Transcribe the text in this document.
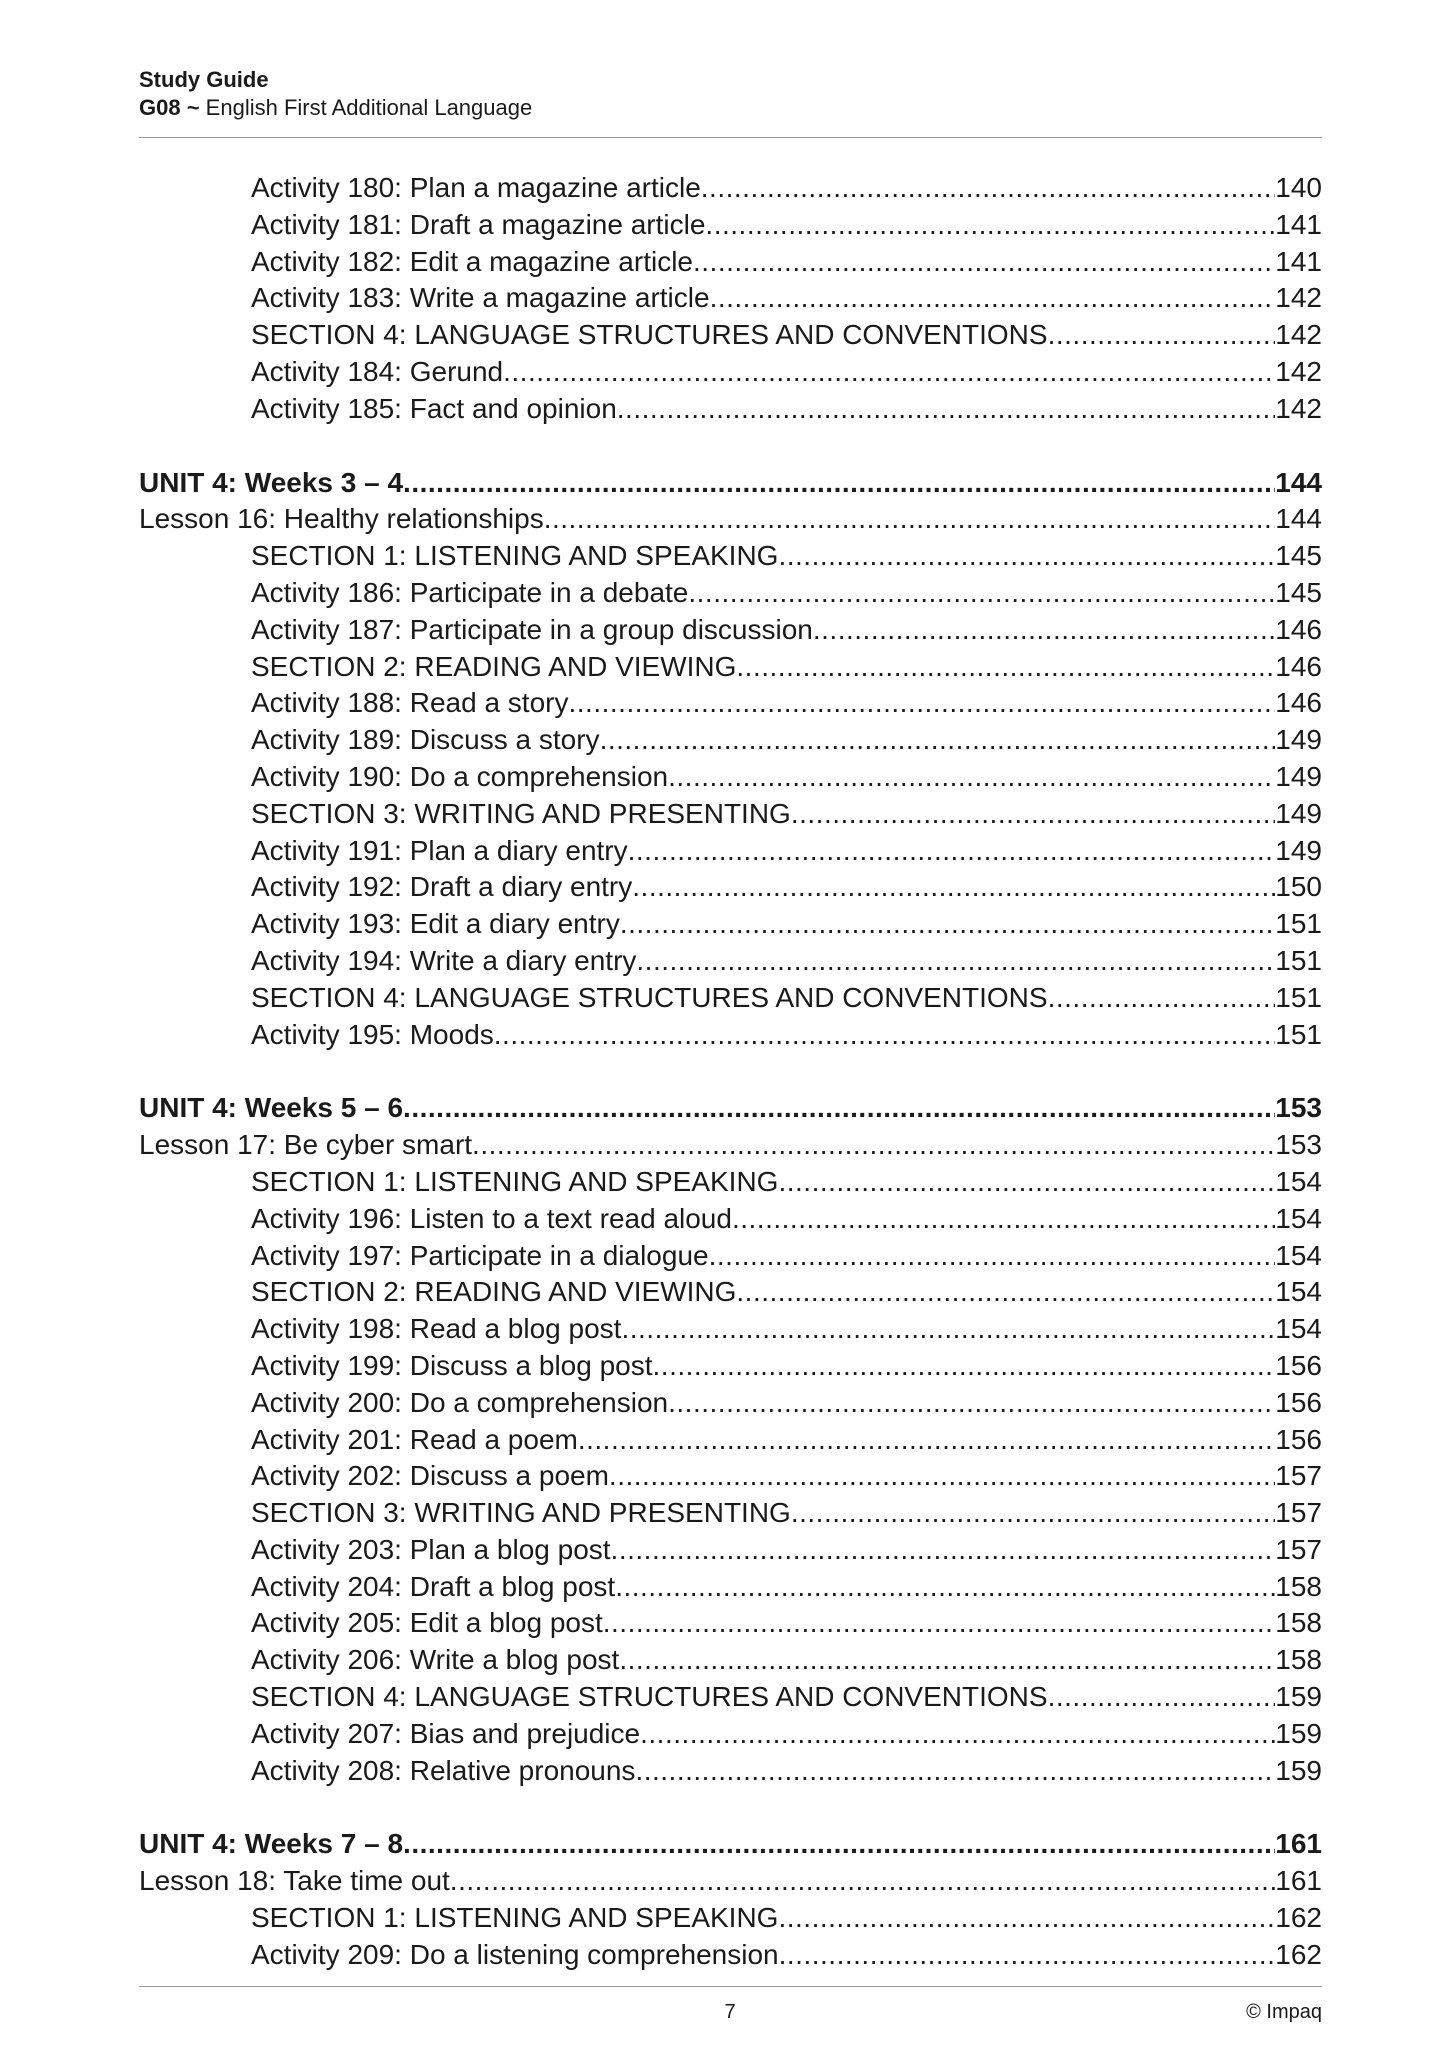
Study Guide
G08 ~ English First Additional Language
Activity 180: Plan a magazine article .....	140
Activity 181: Draft a magazine article .....	141
Activity 182: Edit a magazine article .....	141
Activity 183: Write a magazine article .....	142
SECTION 4: LANGUAGE STRUCTURES AND CONVENTIONS .....	142
Activity 184: Gerund .....	142
Activity 185: Fact and opinion .....	142
UNIT 4: Weeks 3 – 4 .....	144
Lesson 16: Healthy relationships .....	144
SECTION 1: LISTENING AND SPEAKING .....	145
Activity 186: Participate in a debate .....	145
Activity 187: Participate in a group discussion .....	146
SECTION 2: READING AND VIEWING .....	146
Activity 188: Read a story .....	146
Activity 189: Discuss a story .....	149
Activity 190: Do a comprehension .....	149
SECTION 3: WRITING AND PRESENTING .....	149
Activity 191: Plan a diary entry .....	149
Activity 192: Draft a diary entry .....	150
Activity 193: Edit a diary entry .....	151
Activity 194: Write a diary entry .....	151
SECTION 4: LANGUAGE STRUCTURES AND CONVENTIONS .....	151
Activity 195: Moods .....	151
UNIT 4: Weeks 5 – 6 .....	153
Lesson 17: Be cyber smart .....	153
SECTION 1: LISTENING AND SPEAKING .....	154
Activity 196: Listen to a text read aloud .....	154
Activity 197: Participate in a dialogue .....	154
SECTION 2: READING AND VIEWING .....	154
Activity 198: Read a blog post .....	154
Activity 199: Discuss a blog post .....	156
Activity 200: Do a comprehension .....	156
Activity 201: Read a poem .....	156
Activity 202: Discuss a poem .....	157
SECTION 3: WRITING AND PRESENTING .....	157
Activity 203: Plan a blog post .....	157
Activity 204: Draft a blog post .....	158
Activity 205: Edit a blog post .....	158
Activity 206: Write a blog post .....	158
SECTION 4: LANGUAGE STRUCTURES AND CONVENTIONS .....	159
Activity 207: Bias and prejudice .....	159
Activity 208: Relative pronouns .....	159
UNIT 4: Weeks 7 – 8 .....	161
Lesson 18: Take time out .....	161
SECTION 1: LISTENING AND SPEAKING .....	162
Activity 209: Do a listening comprehension .....	162
7	© Impaq
